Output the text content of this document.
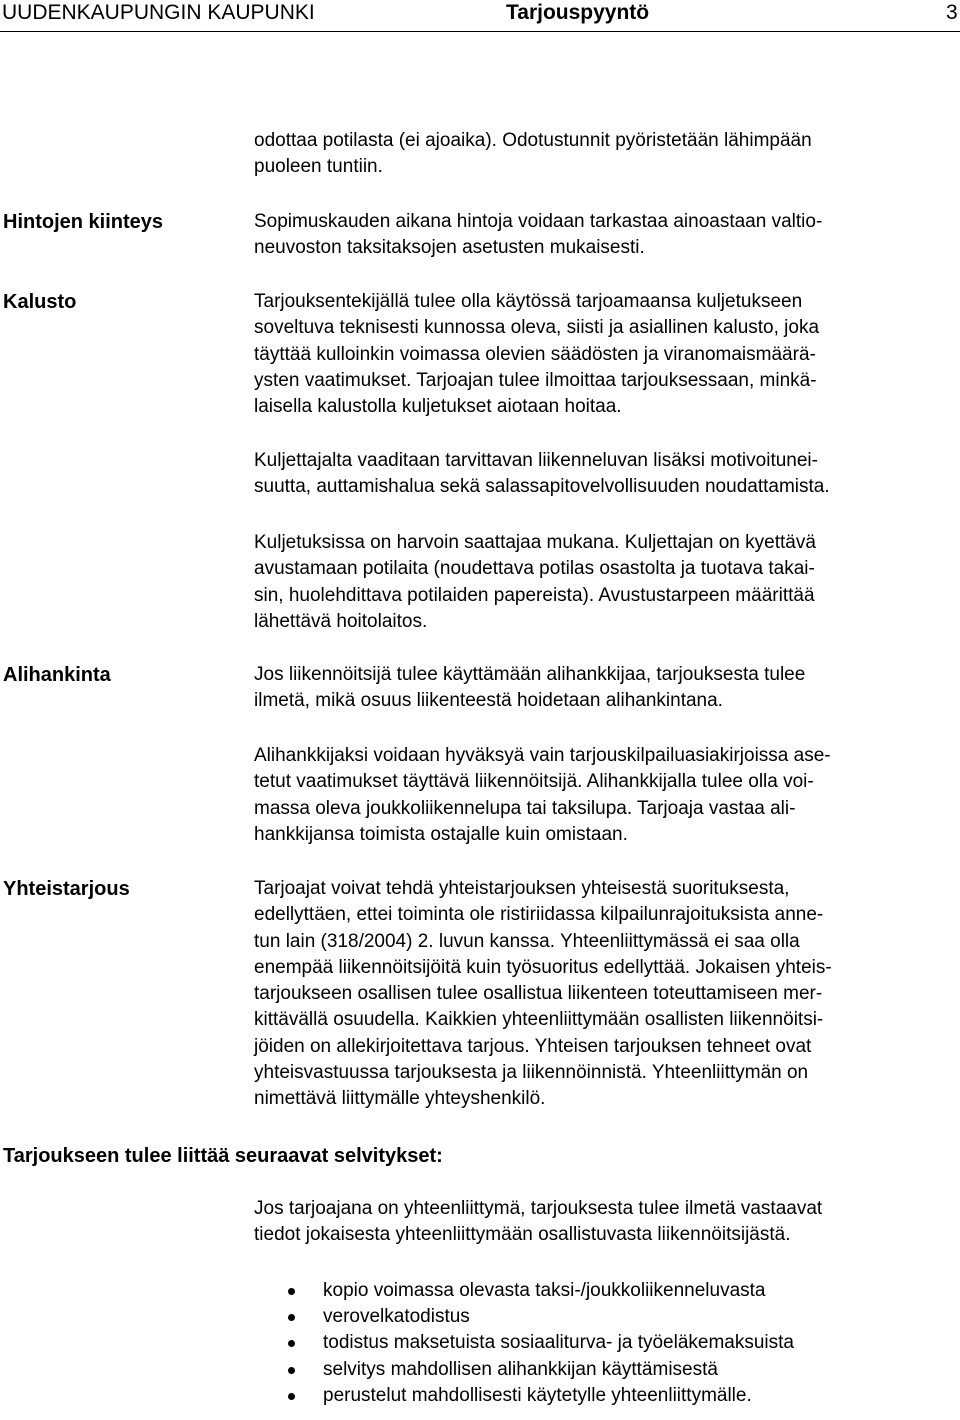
UUDENKAUPUNGIN KAUPUNKI	Tarjouspyyntö	3
odottaa potilasta (ei ajoaika). Odotustunnit pyöristetään lähimpään
puoleen tuntiin.
Hintojen kiinteys	Sopimuskauden aikana hintoja voidaan tarkastaa ainoastaan valtio-
neuvoston taksitaksojen asetusten mukaisesti.
Kalusto	Tarjouksentekijällä tulee olla käytössä tarjoamaansa kuljetukseen
soveltuva teknisesti kunnossa oleva, siisti ja asiallinen kalusto, joka
täyttää kulloinkin voimassa olevien säädösten ja viranomaismäärä-
ysten vaatimukset. Tarjoajan tulee ilmoittaa tarjouksessaan, minkä-
laisella kalustolla kuljetukset aiotaan hoitaa.
Kuljettajalta vaaditaan tarvittavan liikenneluvan lisäksi motivoitunei-
suutta, auttamishalua sekä salassapitovelvollisuuden noudattamista.
Kuljetuksissa on harvoin saattajaa mukana. Kuljettajan on kyettävä
avustamaan potilaita (noudettava potilas osastolta ja tuotava takai-
sin, huolehdittava potilaiden papereista). Avustustarpeen määrittää
lähettävä hoitolaitos.
Alihankinta	Jos liikennöitsijä tulee käyttämään alihankkijaa, tarjouksesta tulee
ilmetä, mikä osuus liikenteestä hoidetaan alihankintana.
Alihankkijaksi voidaan hyväksyä vain tarjouskilpailuasiakirjoissa ase-
tetut vaatimukset täyttävä liikennöitsijä. Alihankkijalla tulee olla voi-
massa oleva joukkoliikennelupa tai taksilupa. Tarjoaja vastaa ali-
hankkijansa toimista ostajalle kuin omistaan.
Yhteistarjous	Tarjoajat voivat tehdä yhteistarjouksen yhteisestä suorituksesta,
edellyttäen, ettei toiminta ole ristiriidassa kilpailunrajoituksista anne-
tun lain (318/2004) 2. luvun kanssa. Yhteenliittymässä ei saa olla
enempää liikennöitsijöitä kuin työsuoritus edellyttää. Jokaisen yhteis-
tarjoukseen osallisen tulee osallistua liikenteen toteuttamiseen mer-
kittävällä osuudella. Kaikkien yhteenliittymään osallisten liikennöitsi-
jöiden on allekirjoitettava tarjous. Yhteisen tarjouksen tehneet ovat
yhteisvastuussa tarjouksesta ja liikennöinnistä. Yhteenliittymän on
nimettävä liittymälle yhteyshenkilö.
Tarjoukseen tulee liittää seuraavat selvitykset:
Jos tarjoajana on yhteenliittymä, tarjouksesta tulee ilmetä vastaavat
tiedot jokaisesta yhteenliittymään osallistuvasta liikennöitsijästä.
kopio voimassa olevasta taksi-/joukkoliikenneluvasta
verovelkatodistus
todistus maksetuista sosiaaliturva- ja työeläkemaksuista
selvitys mahdollisen alihankkijan käyttämisestä
perustelut mahdollisesti käytetylle yhteenliittymälle.
